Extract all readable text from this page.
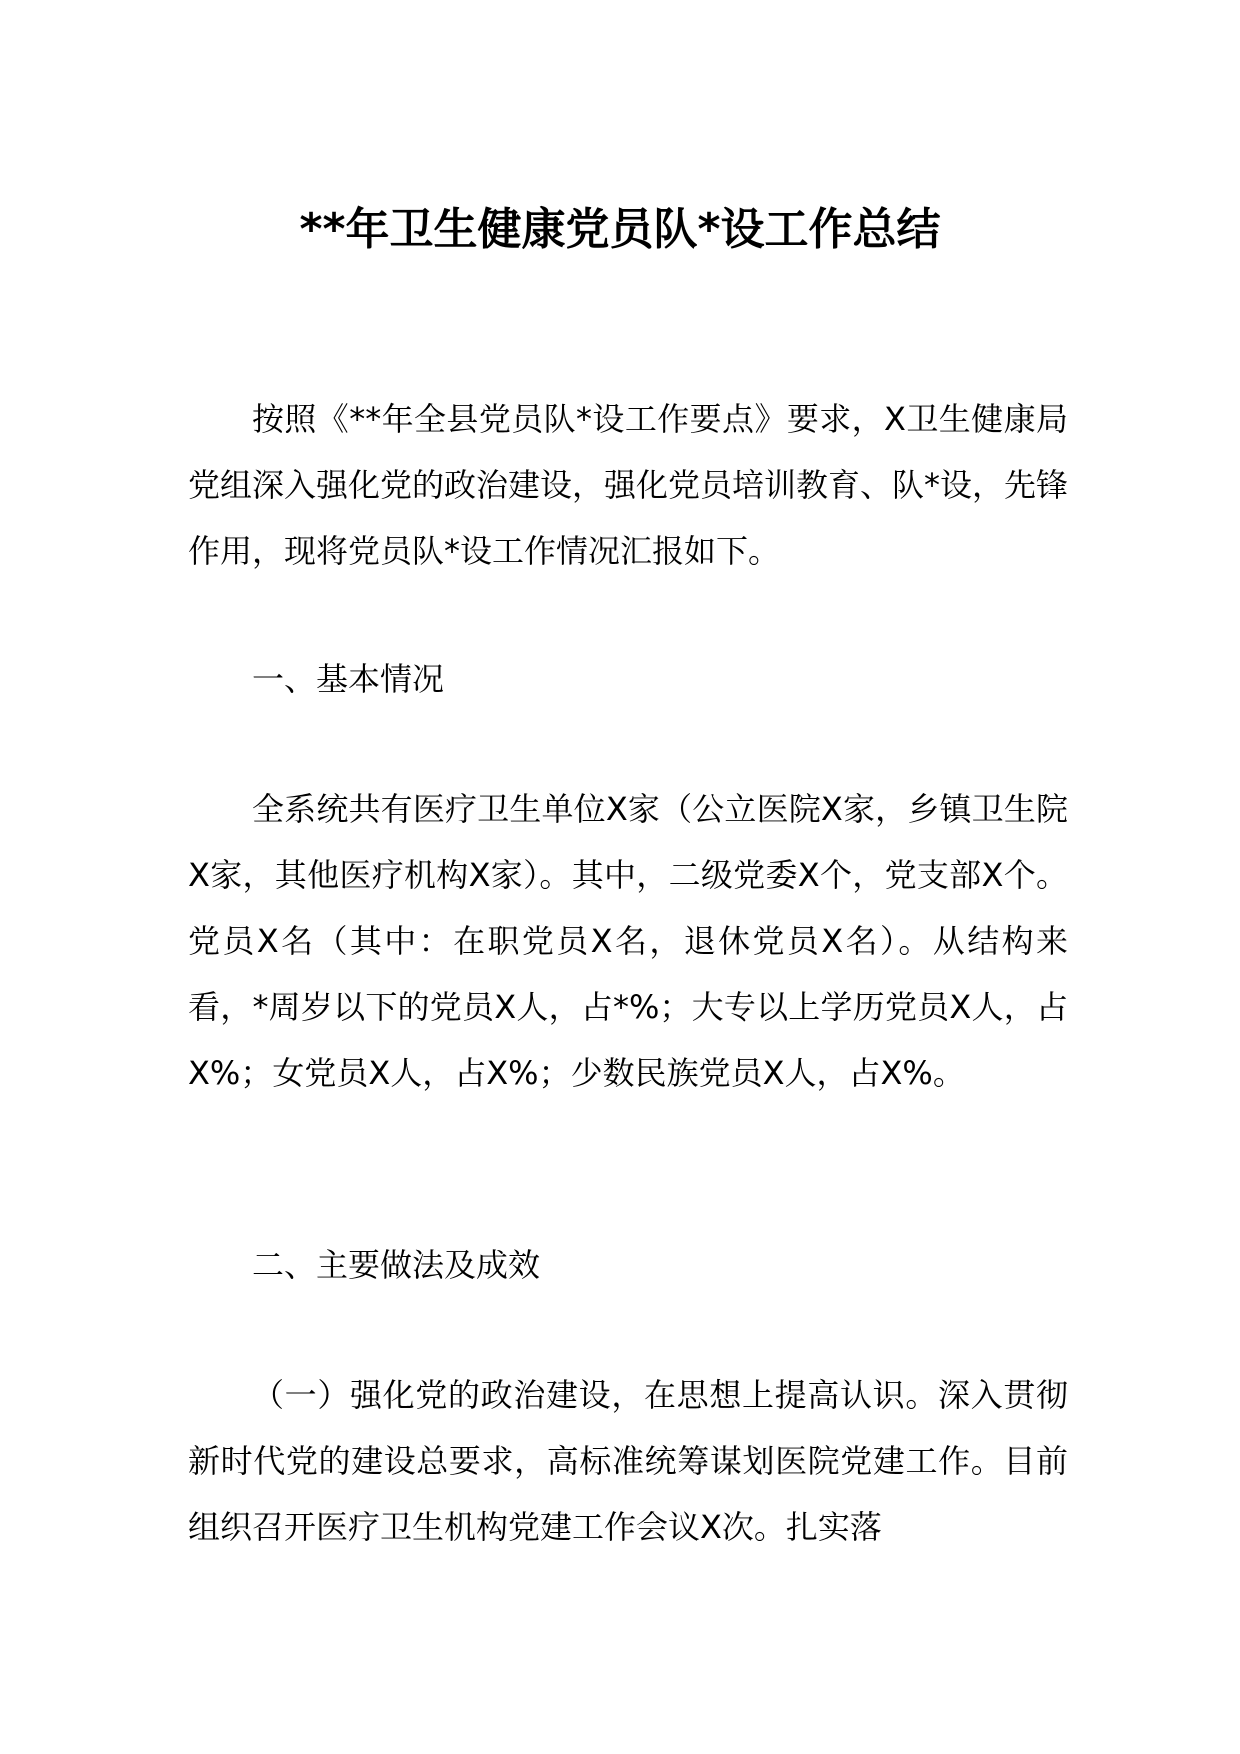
**年卫生健康党员队*设工作总结

按照《**年全县党员队*设工作要点》要求，X卫生健康局党组深入强化党的政治建设，强化党员培训教育、队*设，先锋作用，现将党员队*设工作情况汇报如下。

一、基本情况

全系统共有医疗卫生单位X家（公立医院X家，乡镇卫生院X家，其他医疗机构X家）。其中，二级党委X个，党支部X个。党员X名（其中：在职党员X名，退休党员X名）。从结构来看，*周岁以下的党员X人，占*%；大专以上学历党员X人，占X%；女党员X人，占X%；少数民族党员X人，占X%。

二、主要做法及成效

（一）强化党的政治建设，在思想上提高认识。深入贯彻新时代党的建设总要求，高标准统筹谋划医院党建工作。目前组织召开医疗卫生机构党建工作会议X次。扎实落
